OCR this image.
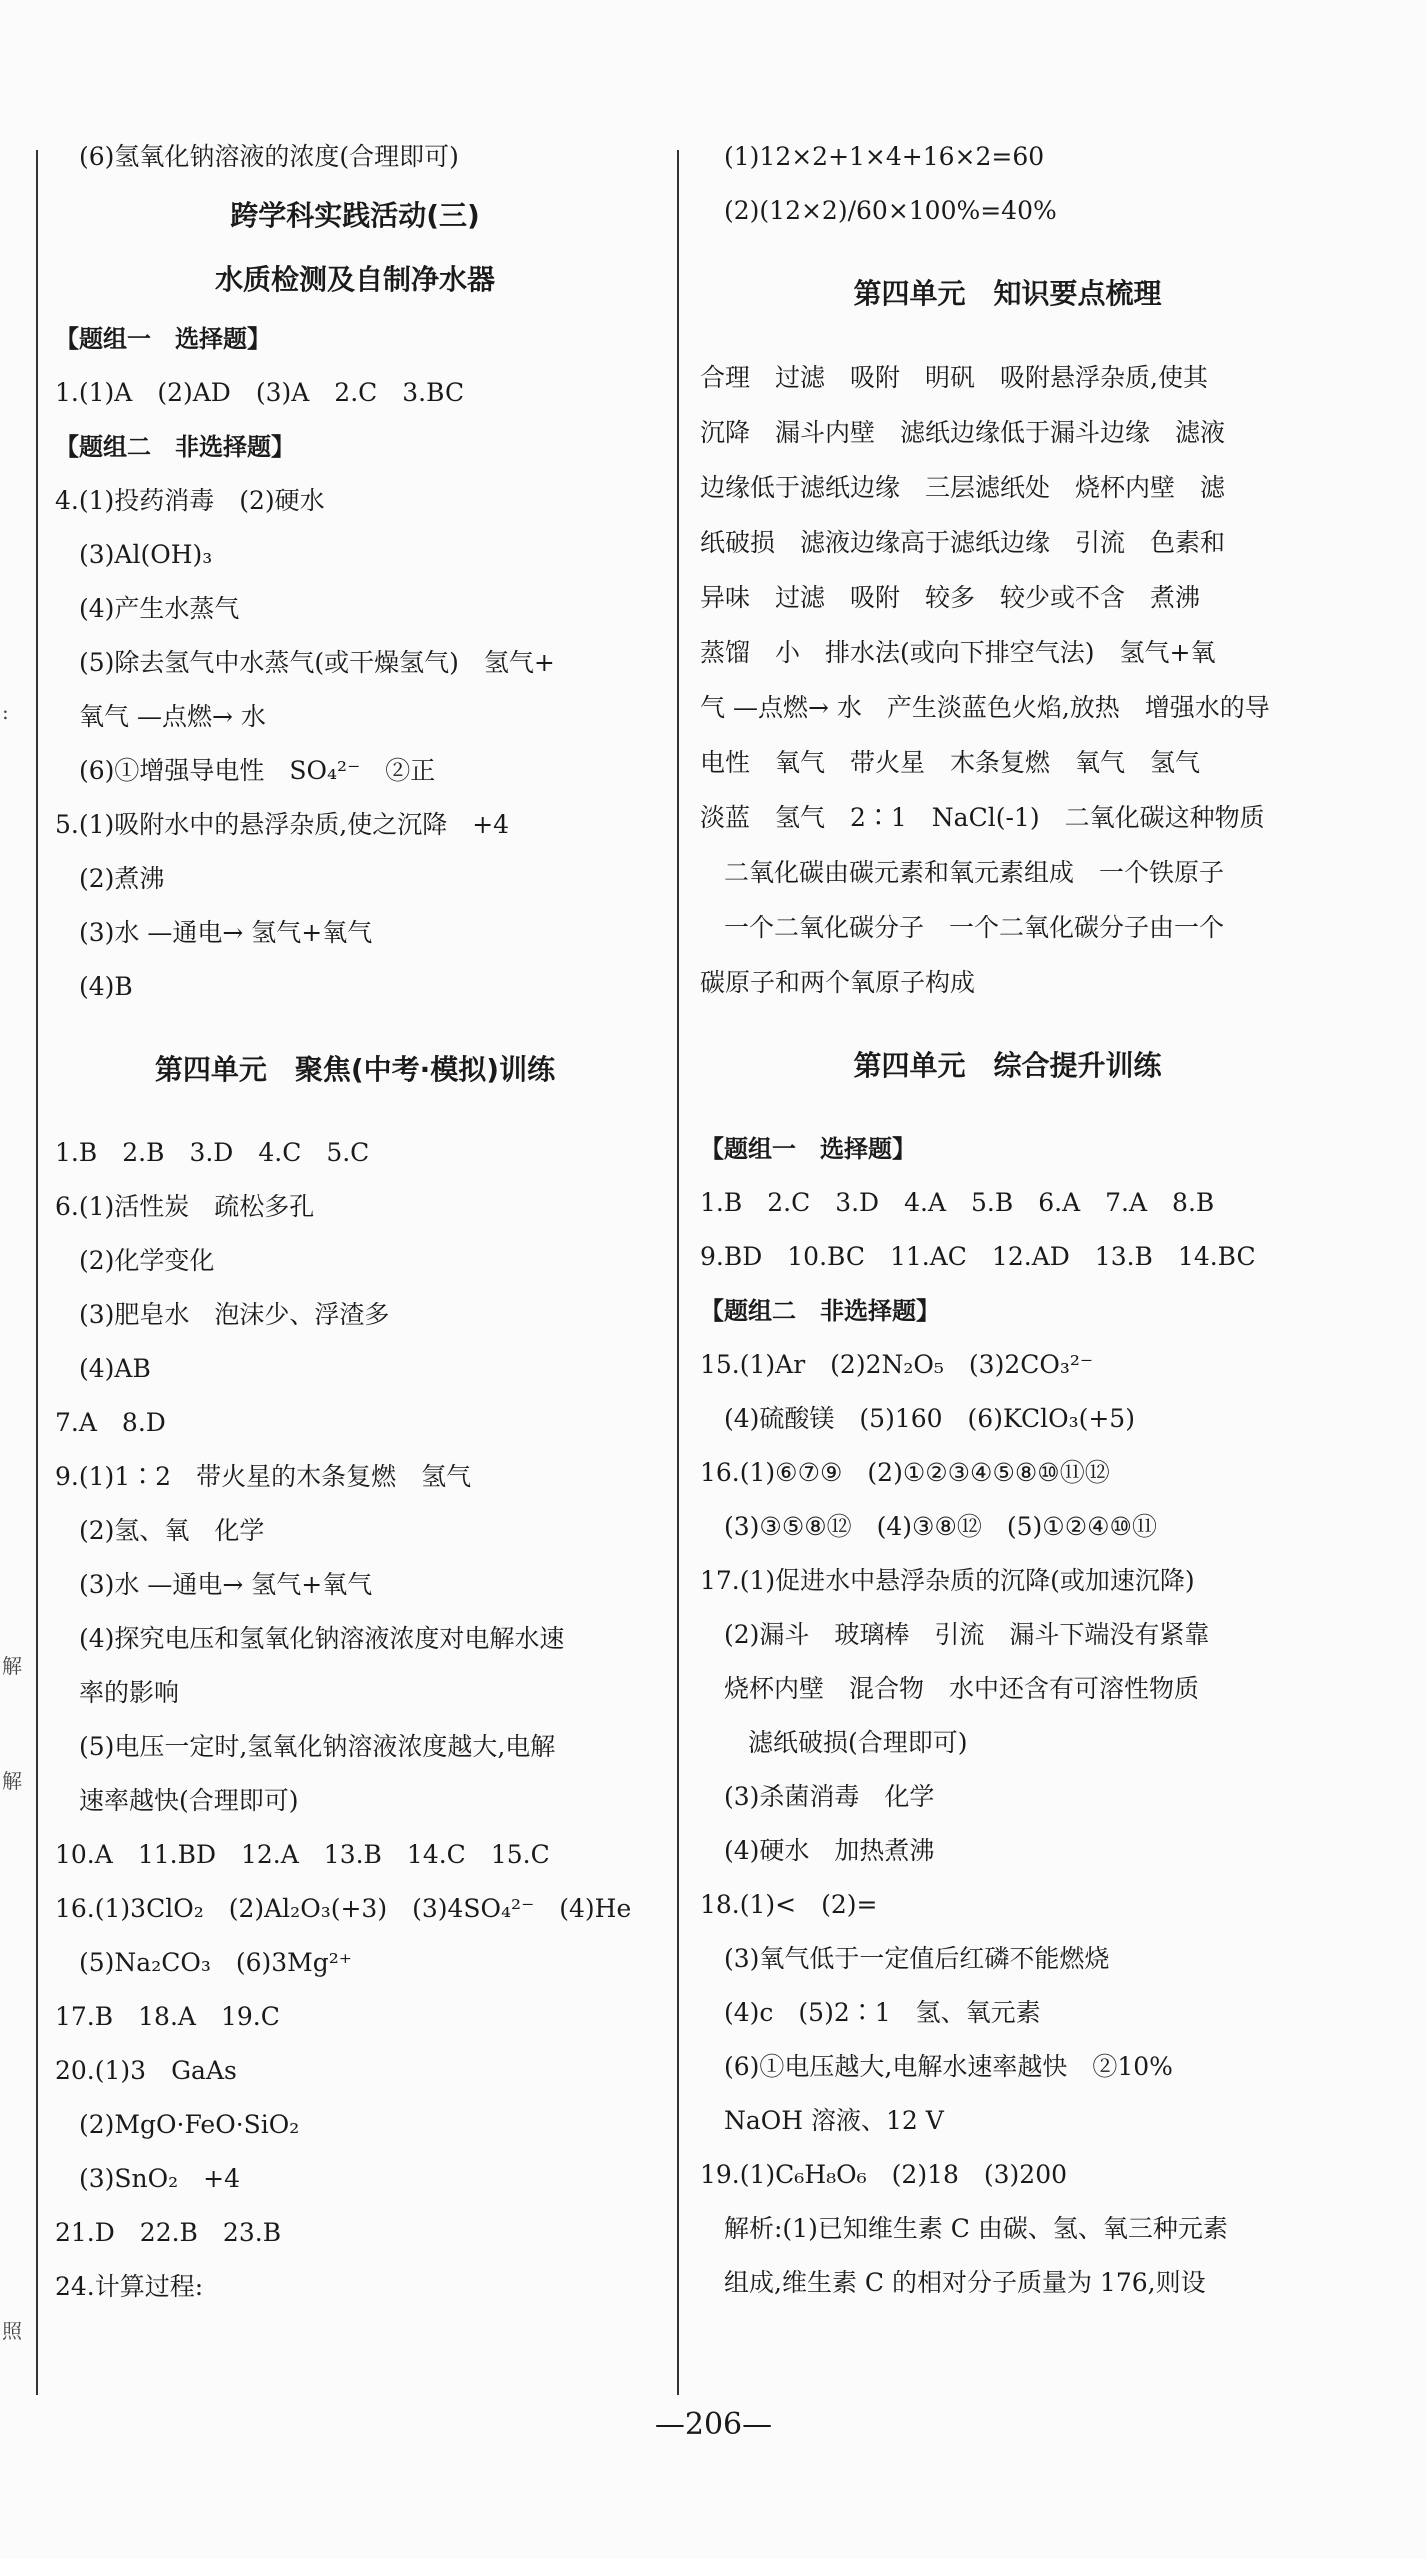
:
解
解
照
(6)氢氧化钠溶液的浓度(合理即可)
跨学科实践活动(三)
水质检测及自制净水器
【题组一　选择题】
1.(1)A　(2)AD　(3)A　2.C　3.BC
【题组二　非选择题】
4.(1)投药消毒　(2)硬水
(3)Al(OH)₃
(4)产生水蒸气
(5)除去氢气中水蒸气(或干燥氢气)　氢气+
氧气 —点燃→ 水
(6)①增强导电性　SO₄²⁻　②正
5.(1)吸附水中的悬浮杂质,使之沉降　+4
(2)煮沸
(3)水 —通电→ 氢气+氧气
(4)B
第四单元　聚焦(中考·模拟)训练
1.B　2.B　3.D　4.C　5.C
6.(1)活性炭　疏松多孔
(2)化学变化
(3)肥皂水　泡沫少、浮渣多
(4)AB
7.A　8.D
9.(1)1∶2　带火星的木条复燃　氢气
(2)氢、氧　化学
(3)水 —通电→ 氢气+氧气
(4)探究电压和氢氧化钠溶液浓度对电解水速
率的影响
(5)电压一定时,氢氧化钠溶液浓度越大,电解
速率越快(合理即可)
10.A　11.BD　12.A　13.B　14.C　15.C
16.(1)3ClO₂　(2)Al₂O₃(+3)　(3)4SO₄²⁻　(4)He
(5)Na₂CO₃　(6)3Mg²⁺
17.B　18.A　19.C
20.(1)3　GaAs
(2)MgO·FeO·SiO₂
(3)SnO₂　+4
21.D　22.B　23.B
24.计算过程:
(1)12×2+1×4+16×2=60
(2)(12×2)/60×100%=40%
第四单元　知识要点梳理
合理　过滤　吸附　明矾　吸附悬浮杂质,使其
沉降　漏斗内壁　滤纸边缘低于漏斗边缘　滤液
边缘低于滤纸边缘　三层滤纸处　烧杯内壁　滤
纸破损　滤液边缘高于滤纸边缘　引流　色素和
异味　过滤　吸附　较多　较少或不含　煮沸
蒸馏　小　排水法(或向下排空气法)　氢气+氧
气 —点燃→ 水　产生淡蓝色火焰,放热　增强水的导
电性　氧气　带火星　木条复燃　氧气　氢气
淡蓝　氢气　2∶1　NaCl(-1)　二氧化碳这种物质
二氧化碳由碳元素和氧元素组成　一个铁原子
一个二氧化碳分子　一个二氧化碳分子由一个
碳原子和两个氧原子构成
第四单元　综合提升训练
【题组一　选择题】
1.B　2.C　3.D　4.A　5.B　6.A　7.A　8.B
9.BD　10.BC　11.AC　12.AD　13.B　14.BC
【题组二　非选择题】
15.(1)Ar　(2)2N₂O₅　(3)2CO₃²⁻
(4)硫酸镁　(5)160　(6)KClO₃(+5)
16.(1)⑥⑦⑨　(2)①②③④⑤⑧⑩⑪⑫
(3)③⑤⑧⑫　(4)③⑧⑫　(5)①②④⑩⑪
17.(1)促进水中悬浮杂质的沉降(或加速沉降)
(2)漏斗　玻璃棒　引流　漏斗下端没有紧靠
烧杯内壁　混合物　水中还含有可溶性物质
滤纸破损(合理即可)
(3)杀菌消毒　化学
(4)硬水　加热煮沸
18.(1)<　(2)=
(3)氧气低于一定值后红磷不能燃烧
(4)c　(5)2∶1　氢、氧元素
(6)①电压越大,电解水速率越快　②10%
NaOH 溶液、12 V
19.(1)C₆H₈O₆　(2)18　(3)200
解析:(1)已知维生素 C 由碳、氢、氧三种元素
组成,维生素 C 的相对分子质量为 176,则设
—206—
